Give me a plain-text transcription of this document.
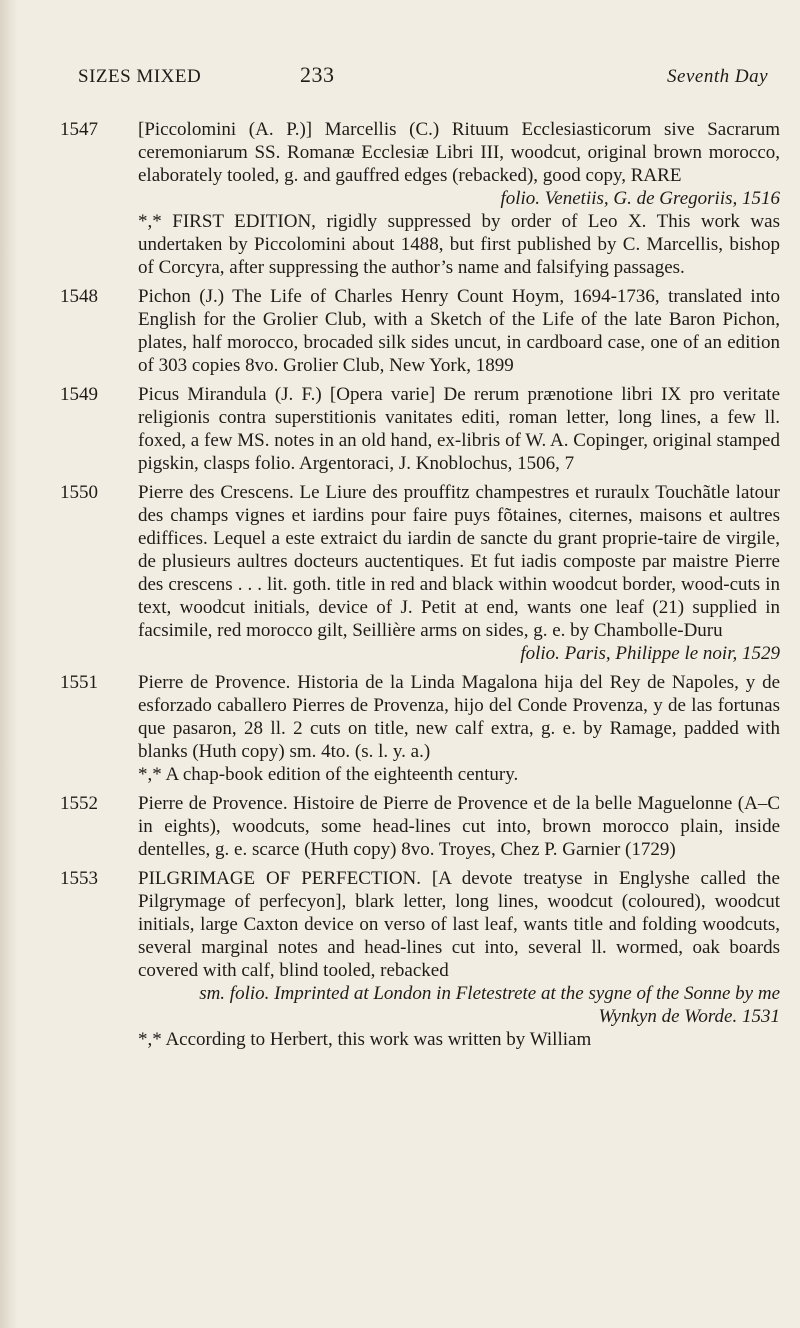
SIZES MIXED	233	Seventh Day
1547	[Piccolomini (A. P.)] Marcellis (C.) Rituum Ecclesiasticorum sive Sacrarum ceremoniarum SS. Romanæ Ecclesiæ Libri III, woodcut, original brown morocco, elaborately tooled, g. and gauffred edges (rebacked), good copy, RARE
folio. Venetiis, G. de Gregoriis, 1516
*,* FIRST EDITION, rigidly suppressed by order of Leo X. This work was undertaken by Piccolomini about 1488, but first published by C. Marcellis, bishop of Corcyra, after suppressing the author’s name and falsifying passages.
1548	Pichon (J.) The Life of Charles Henry Count Hoym, 1694-1736, translated into English for the Grolier Club, with a Sketch of the Life of the late Baron Pichon, plates, half morocco, brocaded silk sides uncut, in cardboard case, one of an edition of 303 copies 8vo. Grolier Club, New York, 1899
1549	Picus Mirandula (J. F.) [Opera varie] De rerum prænotione libri IX pro veritate religionis contra superstitionis vanitates editi, roman letter, long lines, a few ll. foxed, a few MS. notes in an old hand, ex-libris of W. A. Copinger, original stamped pigskin, clasps folio. Argentoraci, J. Knoblochus, 1506, 7
1550	Pierre des Crescens. Le Liure des prouffitz champestres et ruraulx Touchãtle latour des champs vignes et iardins pour faire puys fõtaines, citernes, maisons et aultres ediffices. Lequel a este extraict du iardin de sancte du grant proprie-taire de virgile, de plusieurs aultres docteurs auctentiques. Et fut iadis composte par maistre Pierre des crescens . . . lit. goth. title in red and black within woodcut border, wood-cuts in text, woodcut initials, device of J. Petit at end, wants one leaf (21) supplied in facsimile, red morocco gilt, Seillière arms on sides, g. e. by Chambolle-Duru
folio. Paris, Philippe le noir, 1529
1551	Pierre de Provence. Historia de la Linda Magalona hija del Rey de Napoles, y de esforzado caballero Pierres de Provenza, hijo del Conde Provenza, y de las fortunas que pasaron, 28 ll. 2 cuts on title, new calf extra, g. e. by Ramage, padded with blanks (Huth copy) sm. 4to. (s. l. y. a.)
*,* A chap-book edition of the eighteenth century.
1552	Pierre de Provence. Histoire de Pierre de Provence et de la belle Maguelonne (A–C in eights), woodcuts, some head-lines cut into, brown morocco plain, inside dentelles, g. e. scarce (Huth copy) 8vo. Troyes, Chez P. Garnier (1729)
1553	PILGRIMAGE OF PERFECTION. [A devote treatyse in Englyshe called the Pilgrymage of perfecyon], blark letter, long lines, woodcut (coloured), woodcut initials, large Caxton device on verso of last leaf, wants title and folding woodcuts, several marginal notes and head-lines cut into, several ll. wormed, oak boards covered with calf, blind tooled, rebacked
sm. folio. Imprinted at London in Fletestrete at the sygne of the Sonne by me Wynkyn de Worde. 1531
*,* According to Herbert, this work was written by William
